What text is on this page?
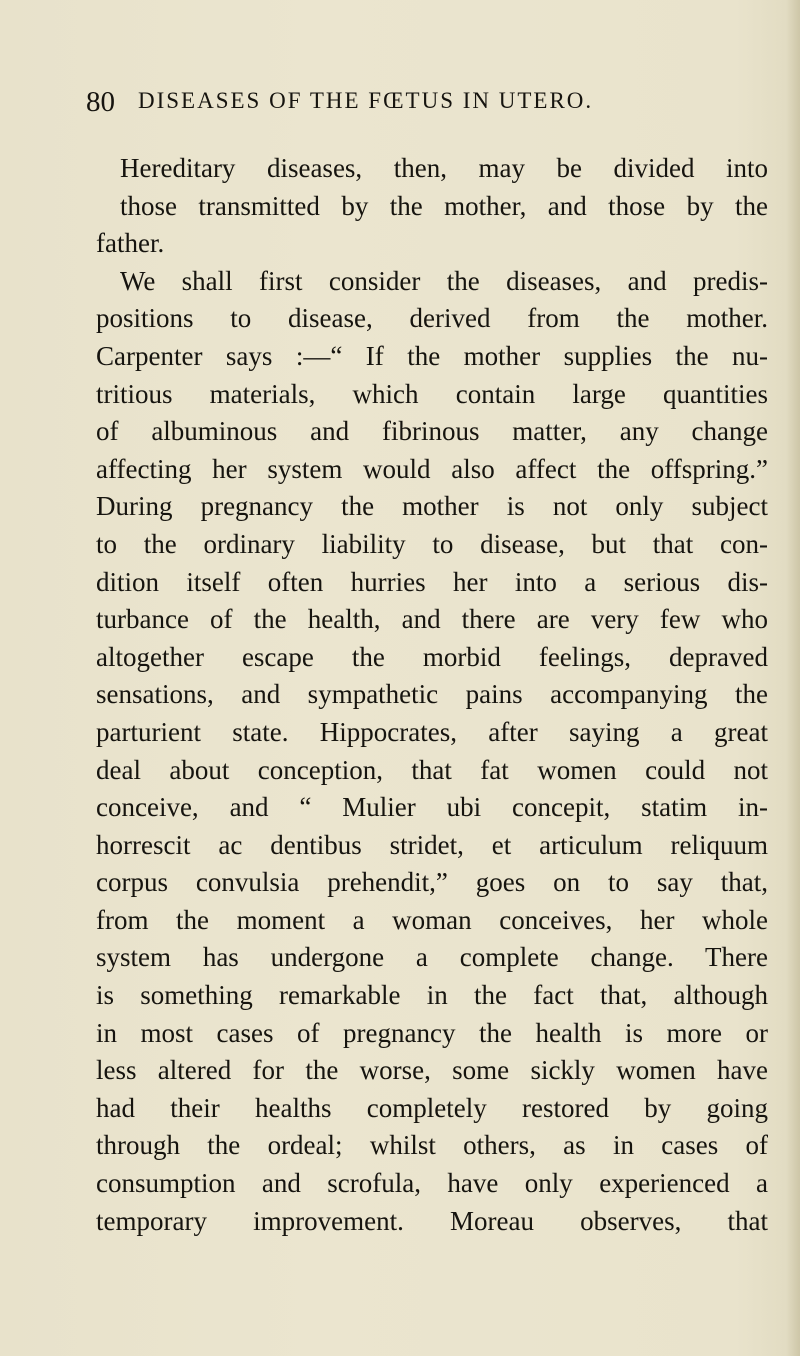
80 DISEASES OF THE FŒTUS IN UTERO.
Hereditary diseases, then, may be divided into
those transmitted by the mother, and those by the
father.
We shall first consider the diseases, and predis-
positions to disease, derived from the mother.
Carpenter says :—“ If the mother supplies the nu-
tritious materials, which contain large quantities
of albuminous and fibrinous matter, any change
affecting her system would also affect the offspring.”
During pregnancy the mother is not only subject
to the ordinary liability to disease, but that con-
dition itself often hurries her into a serious dis-
turbance of the health, and there are very few who
altogether escape the morbid feelings, depraved
sensations, and sympathetic pains accompanying the
parturient state. Hippocrates, after saying a great
deal about conception, that fat women could not
conceive, and “ Mulier ubi concepit, statim in-
horrescit ac dentibus stridet, et articulum reliquum
corpus convulsia prehendit,” goes on to say that,
from the moment a woman conceives, her whole
system has undergone a complete change. There
is something remarkable in the fact that, although
in most cases of pregnancy the health is more or
less altered for the worse, some sickly women have
had their healths completely restored by going
through the ordeal; whilst others, as in cases of
consumption and scrofula, have only experienced a
temporary improvement. Moreau observes, that
